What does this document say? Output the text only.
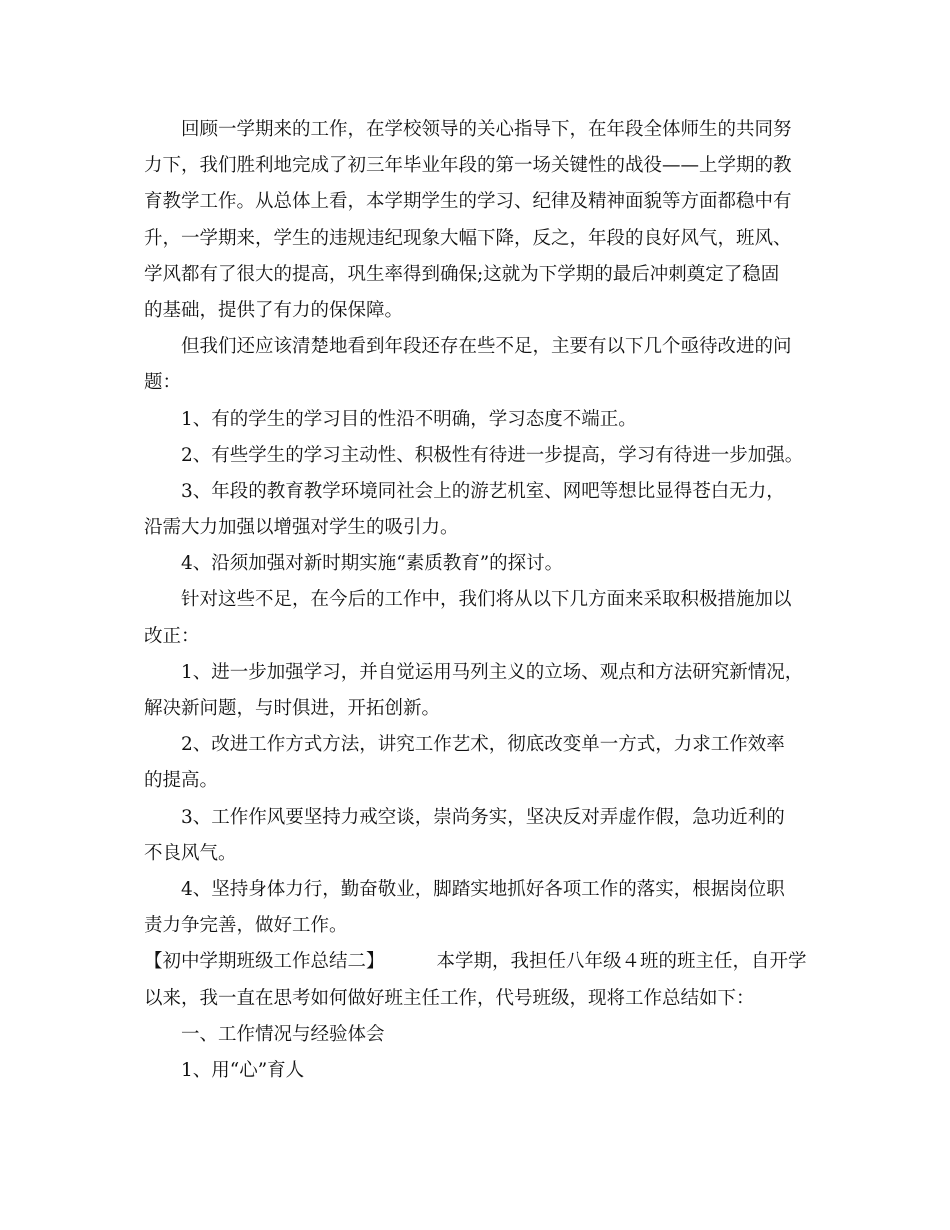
回顾一学期来的工作，在学校领导的关心指导下，在年段全体师生的共同努
力下，我们胜利地完成了初三年毕业年段的第一场关键性的战役——上学期的教
育教学工作。从总体上看，本学期学生的学习、纪律及精神面貌等方面都稳中有
升，一学期来，学生的违规违纪现象大幅下降，反之，年段的良好风气，班风、
学风都有了很大的提高，巩生率得到确保;这就为下学期的最后冲刺奠定了稳固
的基础，提供了有力的保保障。
但我们还应该清楚地看到年段还存在些不足，主要有以下几个亟待改进的问
题：
1、有的学生的学习目的性沿不明确，学习态度不端正。
2、有些学生的学习主动性、积极性有待进一步提高，学习有待进一步加强。
3、年段的教育教学环境同社会上的游艺机室、网吧等想比显得苍白无力，
沿需大力加强以增强对学生的吸引力。
4、沿须加强对新时期实施“素质教育”的探讨。
针对这些不足，在今后的工作中，我们将从以下几方面来采取积极措施加以
改正：
1、进一步加强学习，并自觉运用马列主义的立场、观点和方法研究新情况，
解决新问题，与时俱进，开拓创新。
2、改进工作方式方法，讲究工作艺术，彻底改变单一方式，力求工作效率
的提高。
3、工作作风要坚持力戒空谈，崇尚务实，坚决反对弄虚作假，急功近利的
不良风气。
4、坚持身体力行，勤奋敬业，脚踏实地抓好各项工作的落实，根据岗位职
责力争完善，做好工作。
【初中学期班级工作总结二】	本学期，我担任八年级４班的班主任，自开学
以来，我一直在思考如何做好班主任工作，代号班级，现将工作总结如下：
一、工作情况与经验体会
1、用“心”育人
